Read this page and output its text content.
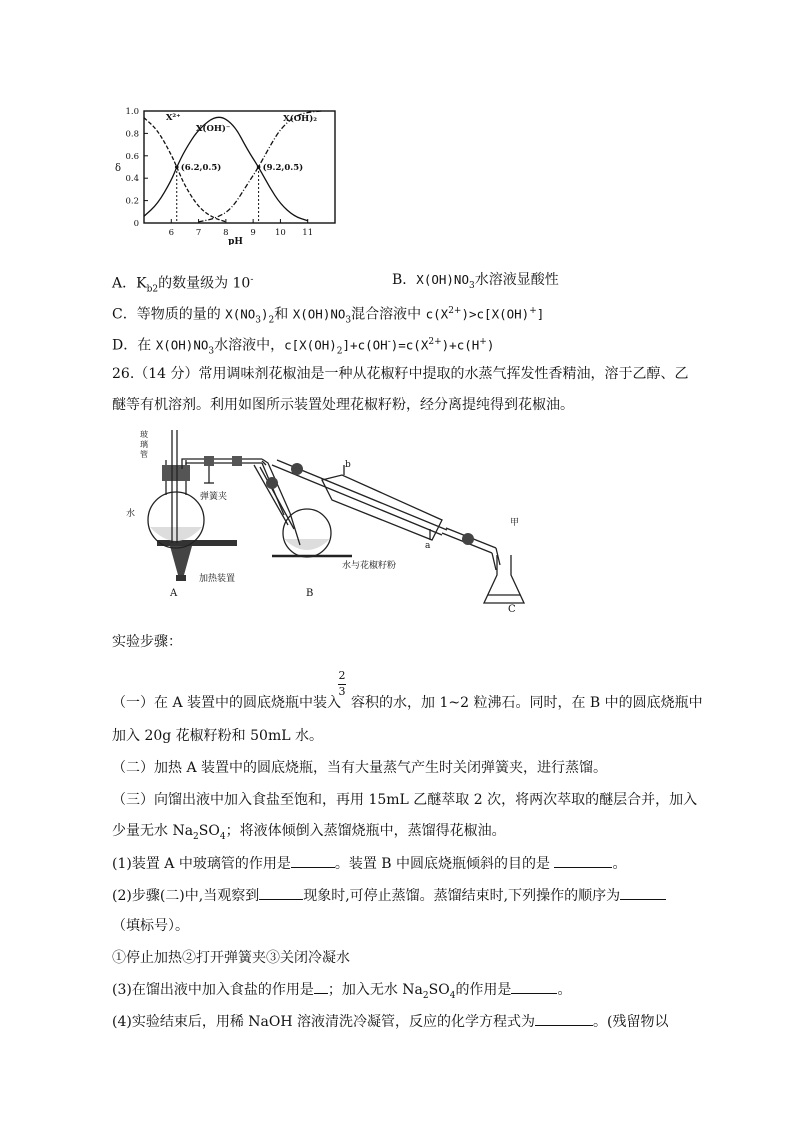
0
0.2
0.4
0.6
0.8
1.0
6	7	8	9 10 11
pH
δ
X²⁺
X(OH)⁻
X(OH)₂
(6.2,0.5)	(9.2,0.5)
A．$K_{b2}$的数量级为 10-	B．$X(OH)NO_3$水溶液显酸性
C．等物质的量的 $X(NO_3)_2$和 $X(OH)NO_3$混合溶液中 $c(X^{2+})>c[X(OH)^+]$
D．在 $X(OH)NO_3$水溶液中，$c[X(OH)_2]+c(OH^-)=c(X^{2+})+c(H^+)$
26.（14 分）常用调味剂花椒油是一种从花椒籽中提取的水蒸气挥发性香精油，溶于乙醇、乙
醚等有机溶剂。利用如图所示装置处理花椒籽粉，经分离提纯得到花椒油。
玻璃管
弹簧夹
水
加热装置
A
水与花椒籽粉
B
b
a
甲
C
实验步骤：
2
3
（一）在 A 装置中的圆底烧瓶中装入 容积的水，加 1~2 粒沸石。同时，在 B 中的圆底烧瓶中
加入 20g 花椒籽粉和 50mL 水。
（二）加热 A 装置中的圆底烧瓶，当有大量蒸气产生时关闭弹簧夹，进行蒸馏。
（三）向馏出液中加入食盐至饱和，再用 15mL 乙醚萃取 2 次，将两次萃取的醚层合并，加入
少量无水 $Na_2SO_4$；将液体倾倒入蒸馏烧瓶中，蒸馏得花椒油。
(1)装置 A 中玻璃管的作用是	。装置 B 中圆底烧瓶倾斜的目的是	。
(2)步骤(二)中,当观察到	现象时,可停止蒸馏。蒸馏结束时,下列操作的顺序为
（填标号）。
①停止加热②打开弹簧夹③关闭冷凝水
(3)在馏出液中加入食盐的作用是 ；加入无水 $Na_2SO_4$的作用是	。
(4)实验结束后，用稀 NaOH 溶液清洗冷凝管，反应的化学方程式为	。(残留物以
